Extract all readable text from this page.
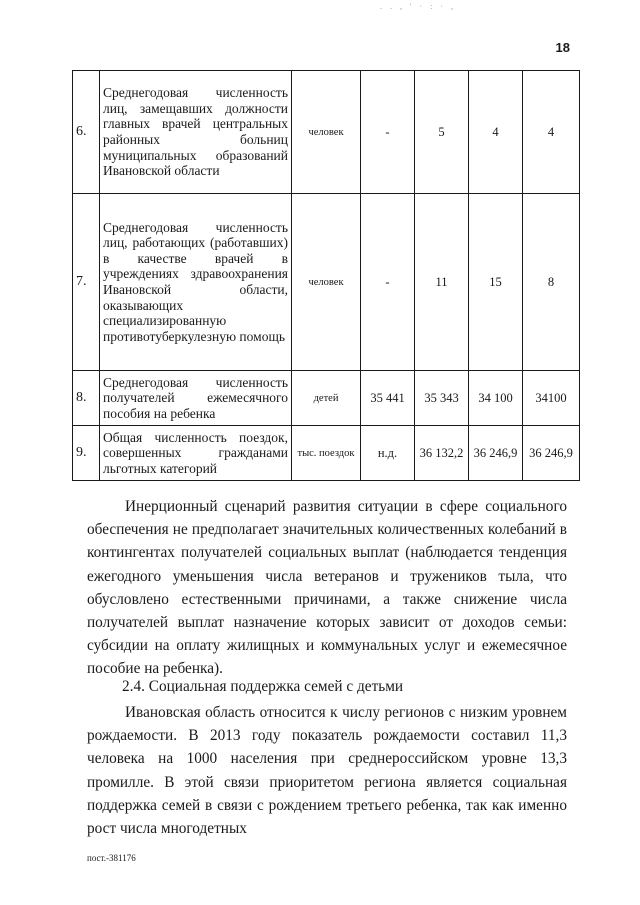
. . , ' · : · ,
18
6.	Среднегодовая численность лиц, замещавших должности главных врачей центральных районных больниц муниципальных образований Ивановской области	человек	-	5	4	4
7.	Среднегодовая численность лиц, работающих (работавших) в качестве врачей в учреждениях здравоохранения Ивановской области, оказывающих специализированную противотуберкулезную помощь	человек	-	11	15	8
8.	Среднегодовая численность получателей ежемесячного пособия на ребенка	детей	35 441	35 343	34 100	34100
9.	Общая численность поездок, совершенных гражданами льготных категорий	тыс. поездок	н.д.	36 132,2	36 246,9	36 246,9

Инерционный сценарий развития ситуации в сфере социального обеспечения не предполагает значительных количественных колебаний в контингентах получателей социальных выплат (наблюдается тенденция ежегодного уменьшения числа ветеранов и тружеников тыла, что обусловлено естественными причинами, а также снижение числа получателей выплат назначение которых зависит от доходов семьи: субсидии на оплату жилищных и коммунальных услуг и ежемесячное пособие на ребенка).

2.4. Социальная поддержка семей с детьми

Ивановская область относится к числу регионов с низким уровнем рождаемости. В 2013 году показатель рождаемости составил 11,3 человека на 1000 населения при среднероссийском уровне 13,3 промилле. В этой связи приоритетом региона является социальная поддержка семей в связи с рождением третьего ребенка, так как именно рост числа многодетных

пост.-381176
